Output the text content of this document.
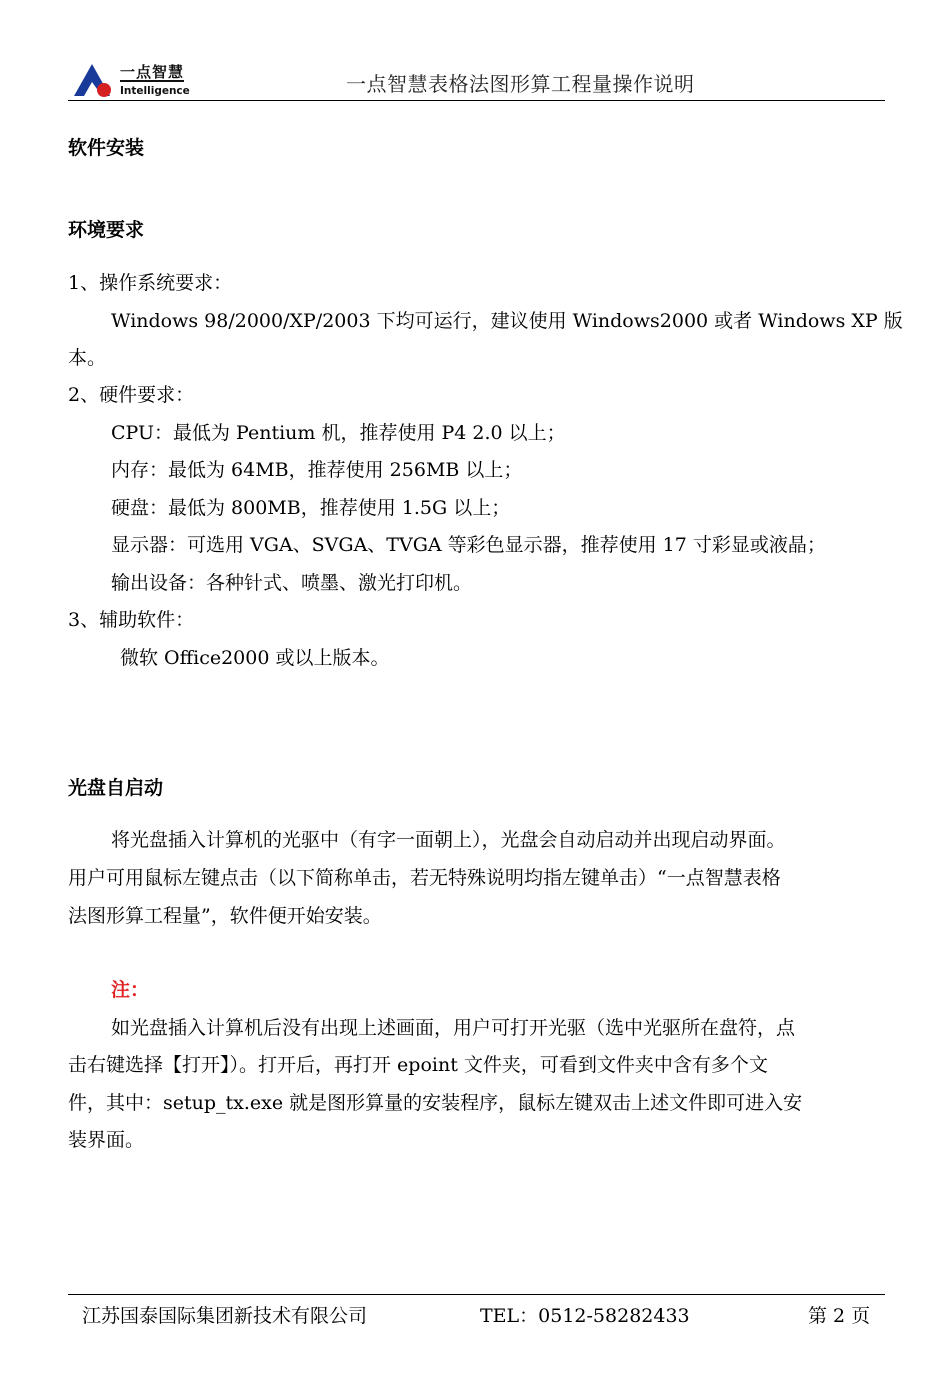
一点智慧
Intelligence	一点智慧表格法图形算工程量操作说明
软件安装
环境要求
1、操作系统要求：
Windows 98/2000/XP/2003 下均可运行，建议使用 Windows2000 或者 Windows XP 版
本。
2、硬件要求：
CPU：最低为 Pentium 机，推荐使用 P4 2.0 以上；
内存：最低为 64MB，推荐使用 256MB 以上；
硬盘：最低为 800MB，推荐使用 1.5G 以上；
显示器：可选用 VGA、SVGA、TVGA 等彩色显示器，推荐使用 17 寸彩显或液晶；
输出设备：各种针式、喷墨、激光打印机。
3、辅助软件：
微软 Office2000 或以上版本。
光盘自启动
将光盘插入计算机的光驱中（有字一面朝上），光盘会自动启动并出现启动界面。
用户可用鼠标左键点击（以下简称单击，若无特殊说明均指左键单击）“一点智慧表格
法图形算工程量”，软件便开始安装。
注：
如光盘插入计算机后没有出现上述画面，用户可打开光驱（选中光驱所在盘符，点
击右键选择【打开】）。打开后，再打开 epoint 文件夹，可看到文件夹中含有多个文
件，其中：setup_tx.exe 就是图形算量的安装程序，鼠标左键双击上述文件即可进入安
装界面。
江苏国泰国际集团新技术有限公司	TEL：0512-58282433	第 2 页
